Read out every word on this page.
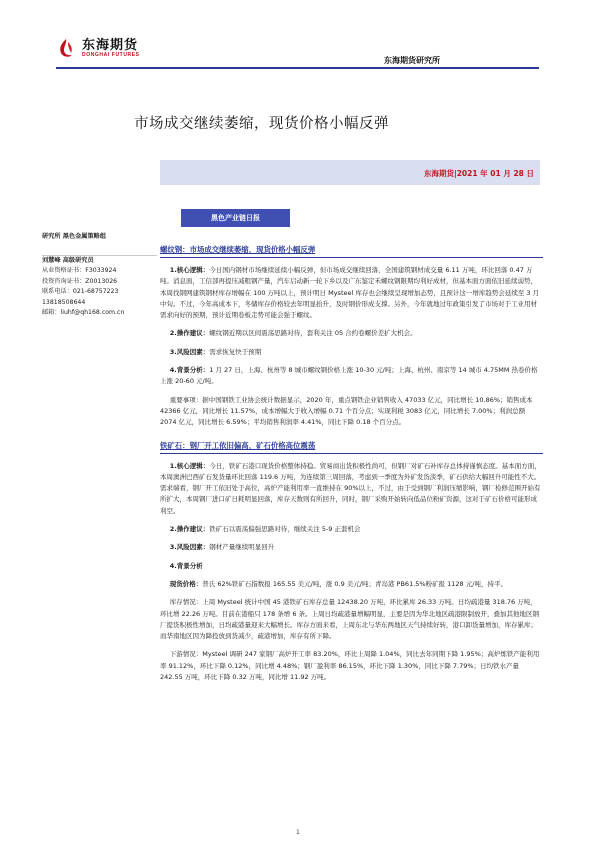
东海期货
DONGHAI FUTURES
东海期货研究所
市场成交继续萎缩，现货价格小幅反弹
东海期货|2021 年 01 月 28 日
黑色产业链日报
研究所 黑色金属策略组
刘慧峰 高级研究员
从业资格证书：F3033924
投资咨询证书：Z0013026
联系电话：021-68757223
13818508644
邮箱：liuhf@qh168.com.cn
螺纹钢：市场成交继续萎缩，现货价格小幅反弹

1.核心逻辑：今日国内钢材市场继续延续小幅反弹，但市场成交继续回落，全国建筑钢材成交量 6.11 万吨，环比回落 0.47 万吨。消息面，工信部再提压减粗钢产量，汽车启动新一轮下乡以及广东鉴定禾螺纹钢限期均利好成材，但基本面方面依旧延续弱势，本周找钢网建筑钢材库存增幅在 100 万吨以上，预计明日 Mysteel 库存也会继续呈现增加态势，且预计这一增库趋势会延续至 3 月中旬。不过，今年高成本下，冬储库存价格较去年明显抬升，及时钢价形成支撑。另外，今年就地过年政策引发了市场对于工业用材需求向好的预期，预计近期卷板走势可能会强于螺纹。

2.操作建议：螺纹钢近期以区间震荡思路对待，套利关注 05 合约卷螺价差扩大机会。

3.风险因素：需求恢复快于预期

4.背景分析：1 月 27 日，上海、杭州等 8 城市螺纹钢价格上涨 10-30 元/吨；上海、杭州、南京等 14 城市 4.75MM 热卷价格上涨 20-60 元/吨。

重要事项：据中国钢铁工业协会统计数据显示，2020 年，重点钢铁企业销售收入 47033 亿元，同比增长 10.86%；销售成本 42366 亿元，同比增长 11.57%，成本增幅大于收入增幅 0.71 个百分点；实现利税 3083 亿元，同比增长 7.00%；利润总额 2074 亿元，同比增长 6.59%；平均销售利润率 4.41%，同比下降 0.18 个百分点。

铁矿石：钢厂开工依旧偏高，矿石价格高位震荡

1.核心逻辑：今日，铁矿石港口现货价格整体持稳。贸易商出货积极性尚可，但钢厂对矿石补库存总体持谨慎态度。基本面方面，本周澳洲巴西矿石发货量环比回落 119.6 万吨，为连续第三周回落，考虑到一季度为外矿发货淡季，矿石供给大幅回升可能性不大。需求端看，钢厂开工依旧处于高位，高炉产能利用率一直维持在 90%以上，不过，由于受到钢厂利润压缩影响，钢厂检修范围开始有所扩大，本周钢厂进口矿日耗明显回落，库存天数则有所回升，同时，钢厂采购开始转向低品位粉矿资源，这对于矿石价格可能形成利空。

2.操作建议：铁矿石以震荡偏强思路对待，继续关注 5-9 正套机会

3.风险因素：钢材产量继续明显回升

4.背景分析

现货价格：普氏 62%铁矿石指数报 165.55 美元/吨，涨 0.9 美元/吨；青岛港 PB61.5%粉矿报 1128 元/吨，持平。

库存情况：上周 Mysteel 统计中国 45 港铁矿石库存总量 12438.20 万吨，环比累库 26.33 万吨。日均疏港量 318.76 万吨，环比增 22.26 万吨。目前在港船只 178 条增 6 条。上周日均疏港量增幅明显，主要是因为华北地区疏港限制放开，叠加其他地区钢厂提货积极性增加，日均疏港量迎来大幅增长。库存方面来看，上周东北与华东两地区天气持续好转，港口卸货量增加，库存累库；而华南地区因为降投放到货减少，疏港增加，库存有所下降。

下游情况：Mysteel 调研 247 家钢厂高炉开工率 83.20%，环比上周降 1.04%，同比去年同期下降 1.95%；高炉炼铁产能利用率 91.12%，环比下降 0.12%，同比增 4.48%；钢厂盈利率 86.15%，环比下降 1.30%，同比下降 7.79%；日均铁水产量 242.55 万吨，环比下降 0.32 万吨，同比增 11.92 万吨。

1
